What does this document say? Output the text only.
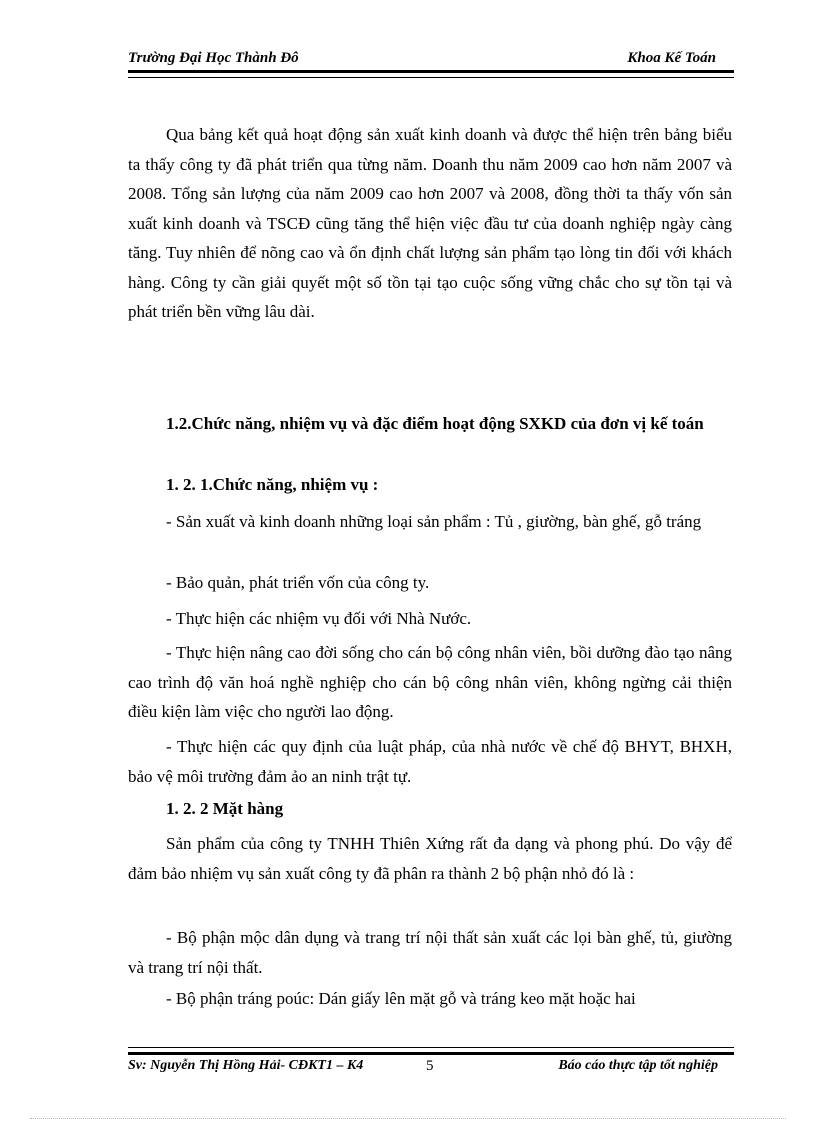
Trường Đại Học Thành Đô	Khoa Kế Toán

Qua bảng kết quả hoạt động sản xuất kinh doanh và được thể hiện trên bảng biểu ta thấy công ty đã phát triển qua từng năm. Doanh thu năm 2009 cao hơn năm 2007 và 2008. Tổng sản lượng của năm 2009 cao hơn 2007 và 2008, đồng thời ta thấy vốn sản xuất kinh doanh và TSCĐ cũng tăng thể hiện việc đầu tư của doanh nghiệp ngày càng tăng. Tuy nhiên để nõng cao và ổn định chất lượng sản phẩm tạo lòng tin đối với khách hàng. Công ty cần giải quyết một số tồn tại tạo cuộc sống vững chắc cho sự tồn tại và phát triển bền vững lâu dài.

1.2.Chức năng, nhiệm vụ và đặc điểm hoạt động SXKD của đơn vị kế toán

1. 2. 1.Chức năng, nhiệm vụ :

- Sản xuất và kinh doanh những loại sản phẩm : Tủ , giường, bàn ghế, gỗ tráng

- Bảo quản, phát triển vốn của công ty.

- Thực hiện các nhiệm vụ đối với Nhà Nước.

- Thực hiện nâng cao đời sống cho cán bộ công nhân viên, bồi dưỡng đào tạo nâng cao trình độ văn hoá nghề nghiệp cho cán bộ công nhân viên, không ngừng cải thiện điều kiện làm việc cho người lao động.

- Thực hiện các quy định của luật pháp, của nhà nước về chế độ BHYT, BHXH, bảo vệ môi trường đảm ảo an ninh trật tự.

1. 2. 2 Mặt hàng

Sản phẩm của công ty TNHH Thiên Xứng rất đa dạng và phong phú. Do vậy để đảm bảo nhiệm vụ sản xuất công ty đã phân ra thành 2 bộ phận nhỏ đó là :

- Bộ phận mộc dân dụng và trang trí nội thất sản xuất các lọi bàn ghế, tủ, giường và trang trí nội thất.

- Bộ phận tráng poúc: Dán giấy lên mặt gỗ và tráng keo mặt hoặc hai

Sv: Nguyễn Thị Hồng Hải- CĐKT1 – K4	5	Báo cáo thực tập tốt nghiệp
